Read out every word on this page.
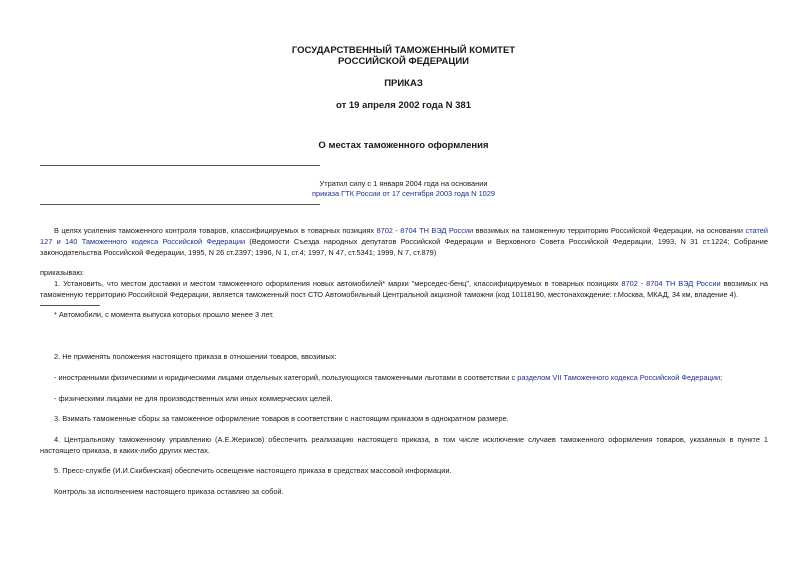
ГОСУДАРСТВЕННЫЙ ТАМОЖЕННЫЙ КОМИТЕТ
РОССИЙСКОЙ ФЕДЕРАЦИИ
ПРИКАЗ
от 19 апреля 2002 года N 381
О местах таможенного оформления
Утратил силу с 1 января 2004 года на основании
приказа ГТК России от 17 сентября 2003 года N 1029
В целях усиления таможенного контроля товаров, классифицируемых в товарных позициях 8702 - 8704 ТН ВЭД России ввозимых на таможенную территорию Российской Федерации, на основании статей 127 и 140 Таможенного кодекса Российской Федерации (Ведомости Съезда народных депутатов Российской Федерации и Верховного Совета Российской Федерации, 1993, N 31 ст.1224; Собрание законодательства Российской Федерации, 1995, N 26 ст.2397; 1996, N 1, ст.4; 1997, N 47, ст.5341; 1999, N 7, ст.879)
приказываю:
1. Установить, что местом доставки и местом таможенного оформления новых автомобилей* марки "мерседес-бенц", классифицируемых в товарных позициях 8702 - 8704 ТН ВЭД России ввозимых на таможенную территорию Российской Федерации, является таможенный пост СТО Автомобильный Центральной акцизной таможни (код 10118190, местонахождение: г.Москва, МКАД, 34 км, владение 4).
* Автомобили, с момента выпуска которых прошло менее 3 лет.
2. Не применять положения настоящего приказа в отношении товаров, ввозимых:
- иностранными физическими и юридическими лицами отдельных категорий, пользующихся таможенными льготами в соответствии с разделом VII Таможенного кодекса Российской Федерации;
- физическими лицами не для производственных или иных коммерческих целей.
3. Взимать таможенные сборы за таможенное оформление товаров в соответствии с настоящим приказом в однократном размере.
4. Центральному таможенному управлению (А.Е.Жериков) обеспечить реализацию настоящего приказа, в том числе исключение случаев таможенного оформления товаров, указанных в пункте 1 настоящего приказа, в каких-либо других местах.
5. Пресс-службе (И.И.Скибинская) обеспечить освещение настоящего приказа в средствах массовой информации.
Контроль за исполнением настоящего приказа оставляю за собой.
